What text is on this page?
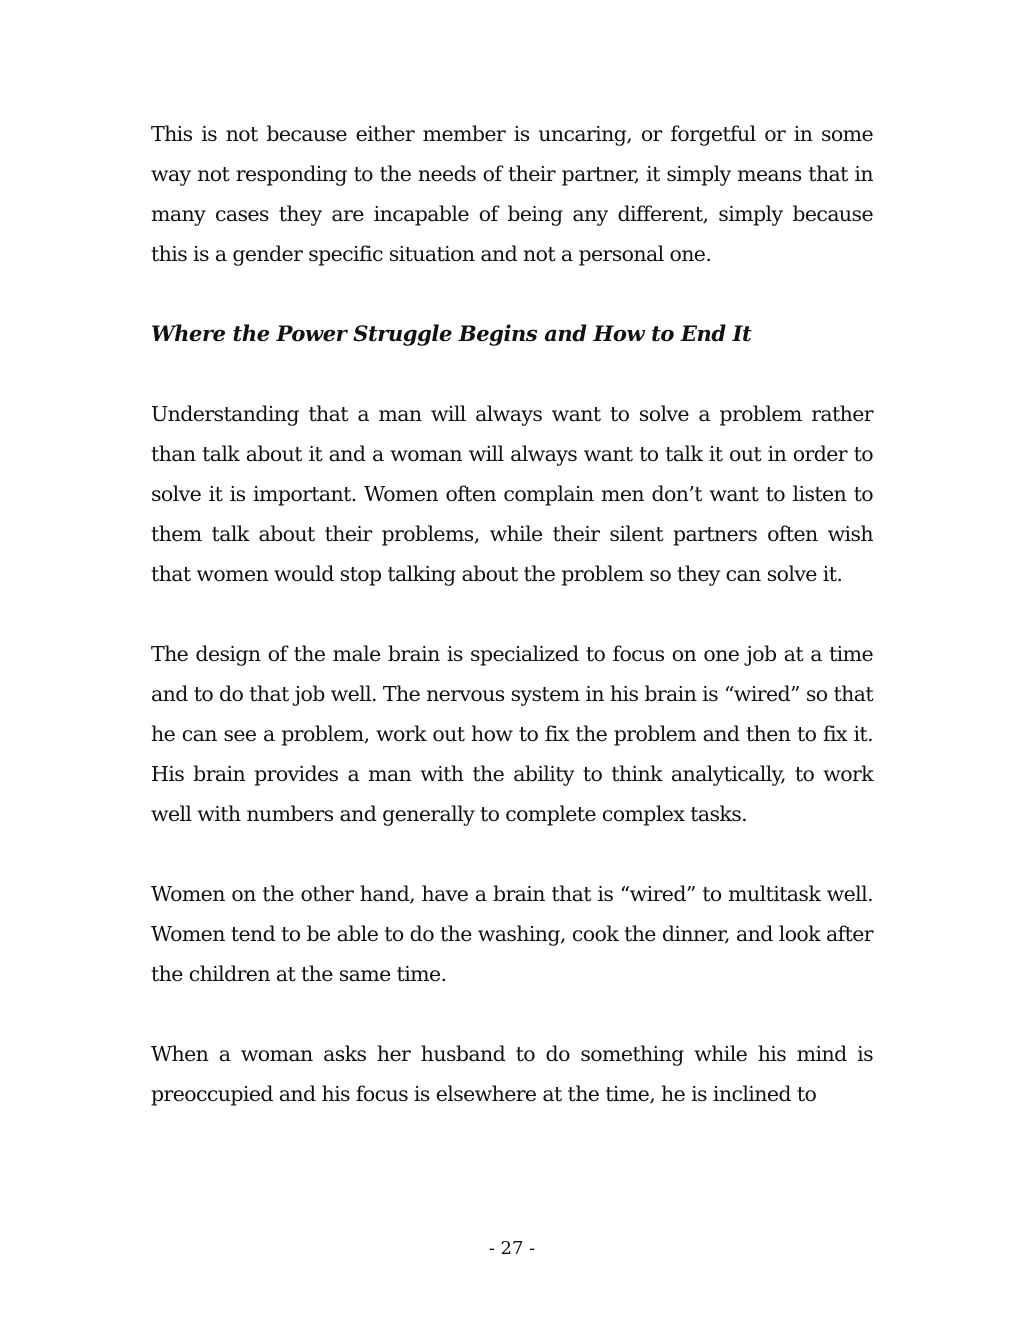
This is not because either member is uncaring, or forgetful or in some way not responding to the needs of their partner, it simply means that in many cases they are incapable of being any different, simply because this is a gender specific situation and not a personal one.

Where the Power Struggle Begins and How to End It

Understanding that a man will always want to solve a problem rather than talk about it and a woman will always want to talk it out in order to solve it is important. Women often complain men don’t want to listen to them talk about their problems, while their silent partners often wish that women would stop talking about the problem so they can solve it.

The design of the male brain is specialized to focus on one job at a time and to do that job well. The nervous system in his brain is “wired” so that he can see a problem, work out how to fix the problem and then to fix it. His brain provides a man with the ability to think analytically, to work well with numbers and generally to complete complex tasks.

Women on the other hand, have a brain that is “wired” to multitask well. Women tend to be able to do the washing, cook the dinner, and look after the children at the same time.

When a woman asks her husband to do something while his mind is preoccupied and his focus is elsewhere at the time, he is inclined to

- 27 -
